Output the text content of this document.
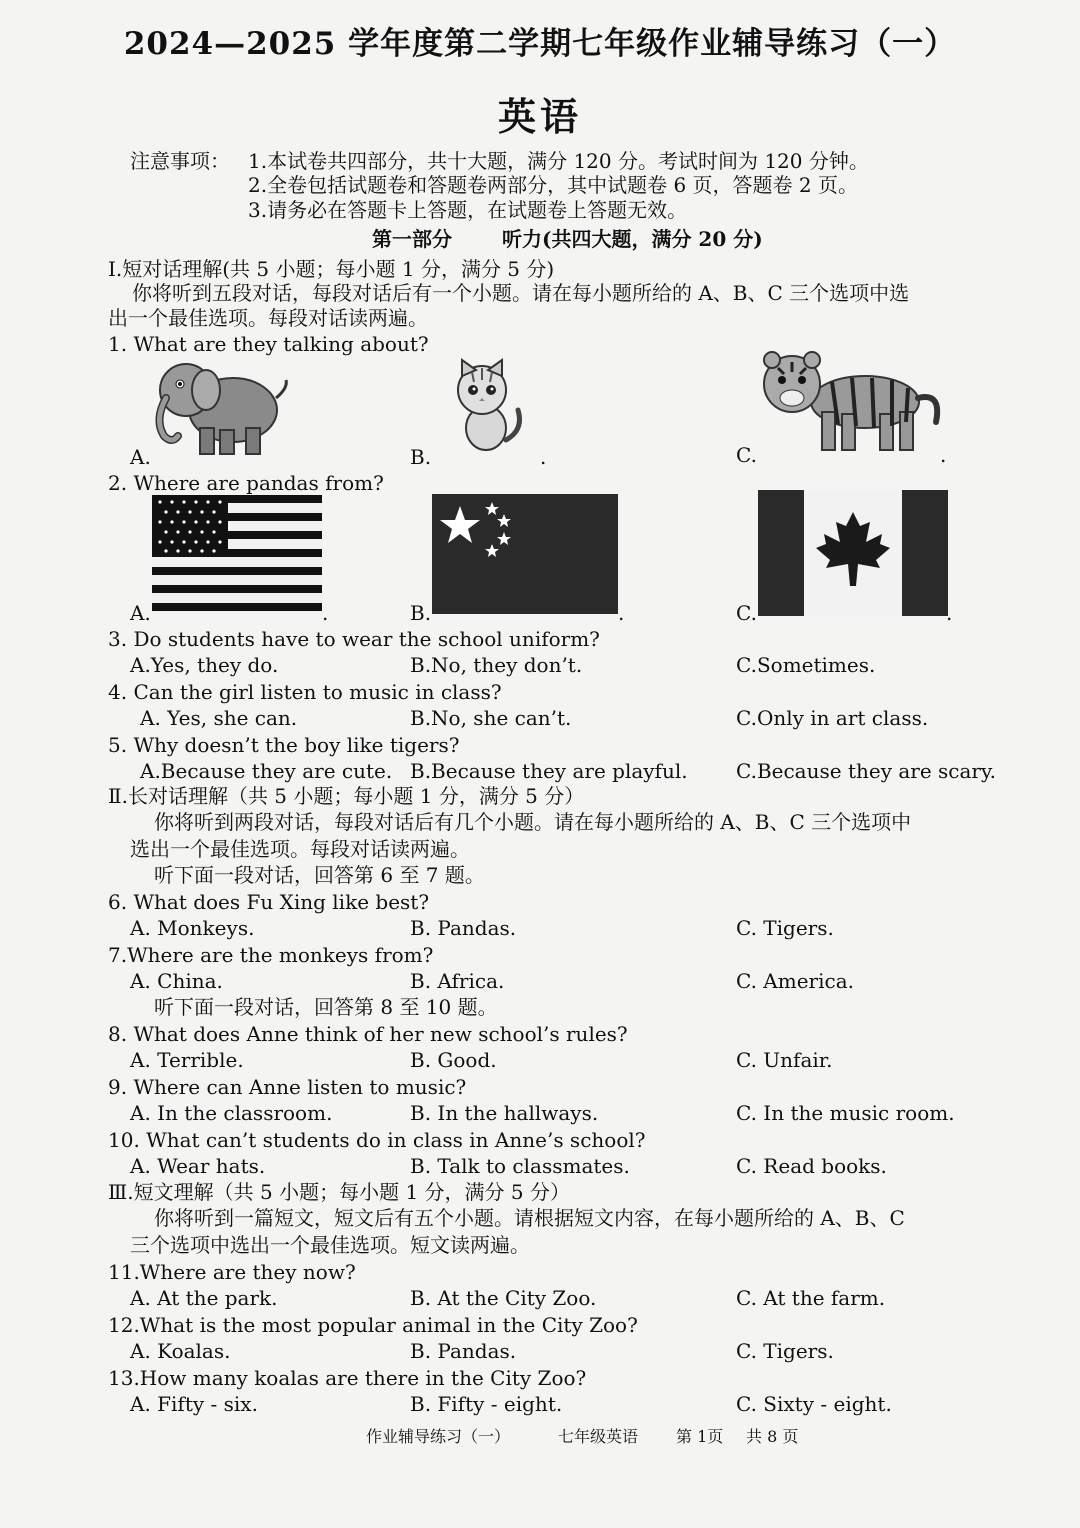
2024—2025 学年度第二学期七年级作业辅导练习（一）
英语
注意事项： 1.本试卷共四部分，共十大题，满分 120 分。考试时间为 120 分钟。
2.全卷包括试题卷和答题卷两部分，其中试题卷 6 页，答题卷 2 页。
3.请务必在答题卡上答题，在试题卷上答题无效。
第一部分	听力(共四大题，满分 20 分)
I.短对话理解(共 5 小题；每小题 1 分，满分 5 分)
你将听到五段对话，每段对话后有一个小题。请在每小题所给的 A、B、C 三个选项中选
出一个最佳选项。每段对话读两遍。
1. What are they talking about?
A.	B.	.	C.	.
2. Where are pandas from?
A.	.	B.	.	C.	.
3. Do students have to wear the school uniform?
A.Yes, they do.	B.No, they don’t.	C.Sometimes.
4. Can the girl listen to music in class?
A. Yes, she can.	B.No, she can’t.	C.Only in art class.
5. Why doesn’t the boy like tigers?
A.Because they are cute. B.Because they are playful. C.Because they are scary.
Ⅱ.长对话理解（共 5 小题；每小题 1 分，满分 5 分）
你将听到两段对话，每段对话后有几个小题。请在每小题所给的 A、B、C 三个选项中
选出一个最佳选项。每段对话读两遍。
听下面一段对话，回答第 6 至 7 题。
6. What does Fu Xing like best?
A. Monkeys.	B. Pandas.	C. Tigers.
7.Where are the monkeys from?
A. China.	B. Africa.	C. America.
听下面一段对话，回答第 8 至 10 题。
8. What does Anne think of her new school’s rules?
A. Terrible.	B. Good.	C. Unfair.
9. Where can Anne listen to music?
A. In the classroom.	B. In the hallways.	C. In the music room.
10. What can’t students do in class in Anne’s school?
A. Wear hats.	B. Talk to classmates.	C. Read books.
Ⅲ.短文理解（共 5 小题；每小题 1 分，满分 5 分）
你将听到一篇短文，短文后有五个小题。请根据短文内容，在每小题所给的 A、B、C
三个选项中选出一个最佳选项。短文读两遍。
11.Where are they now?
A. At the park.	B. At the City Zoo.	C. At the farm.
12.What is the most popular animal in the City Zoo?
A. Koalas.	B. Pandas.	C. Tigers.
13.How many koalas are there in the City Zoo?
A. Fifty - six.	B. Fifty - eight.	C. Sixty - eight.
作业辅导练习（一）	七年级英语 第 1页 共 8 页
